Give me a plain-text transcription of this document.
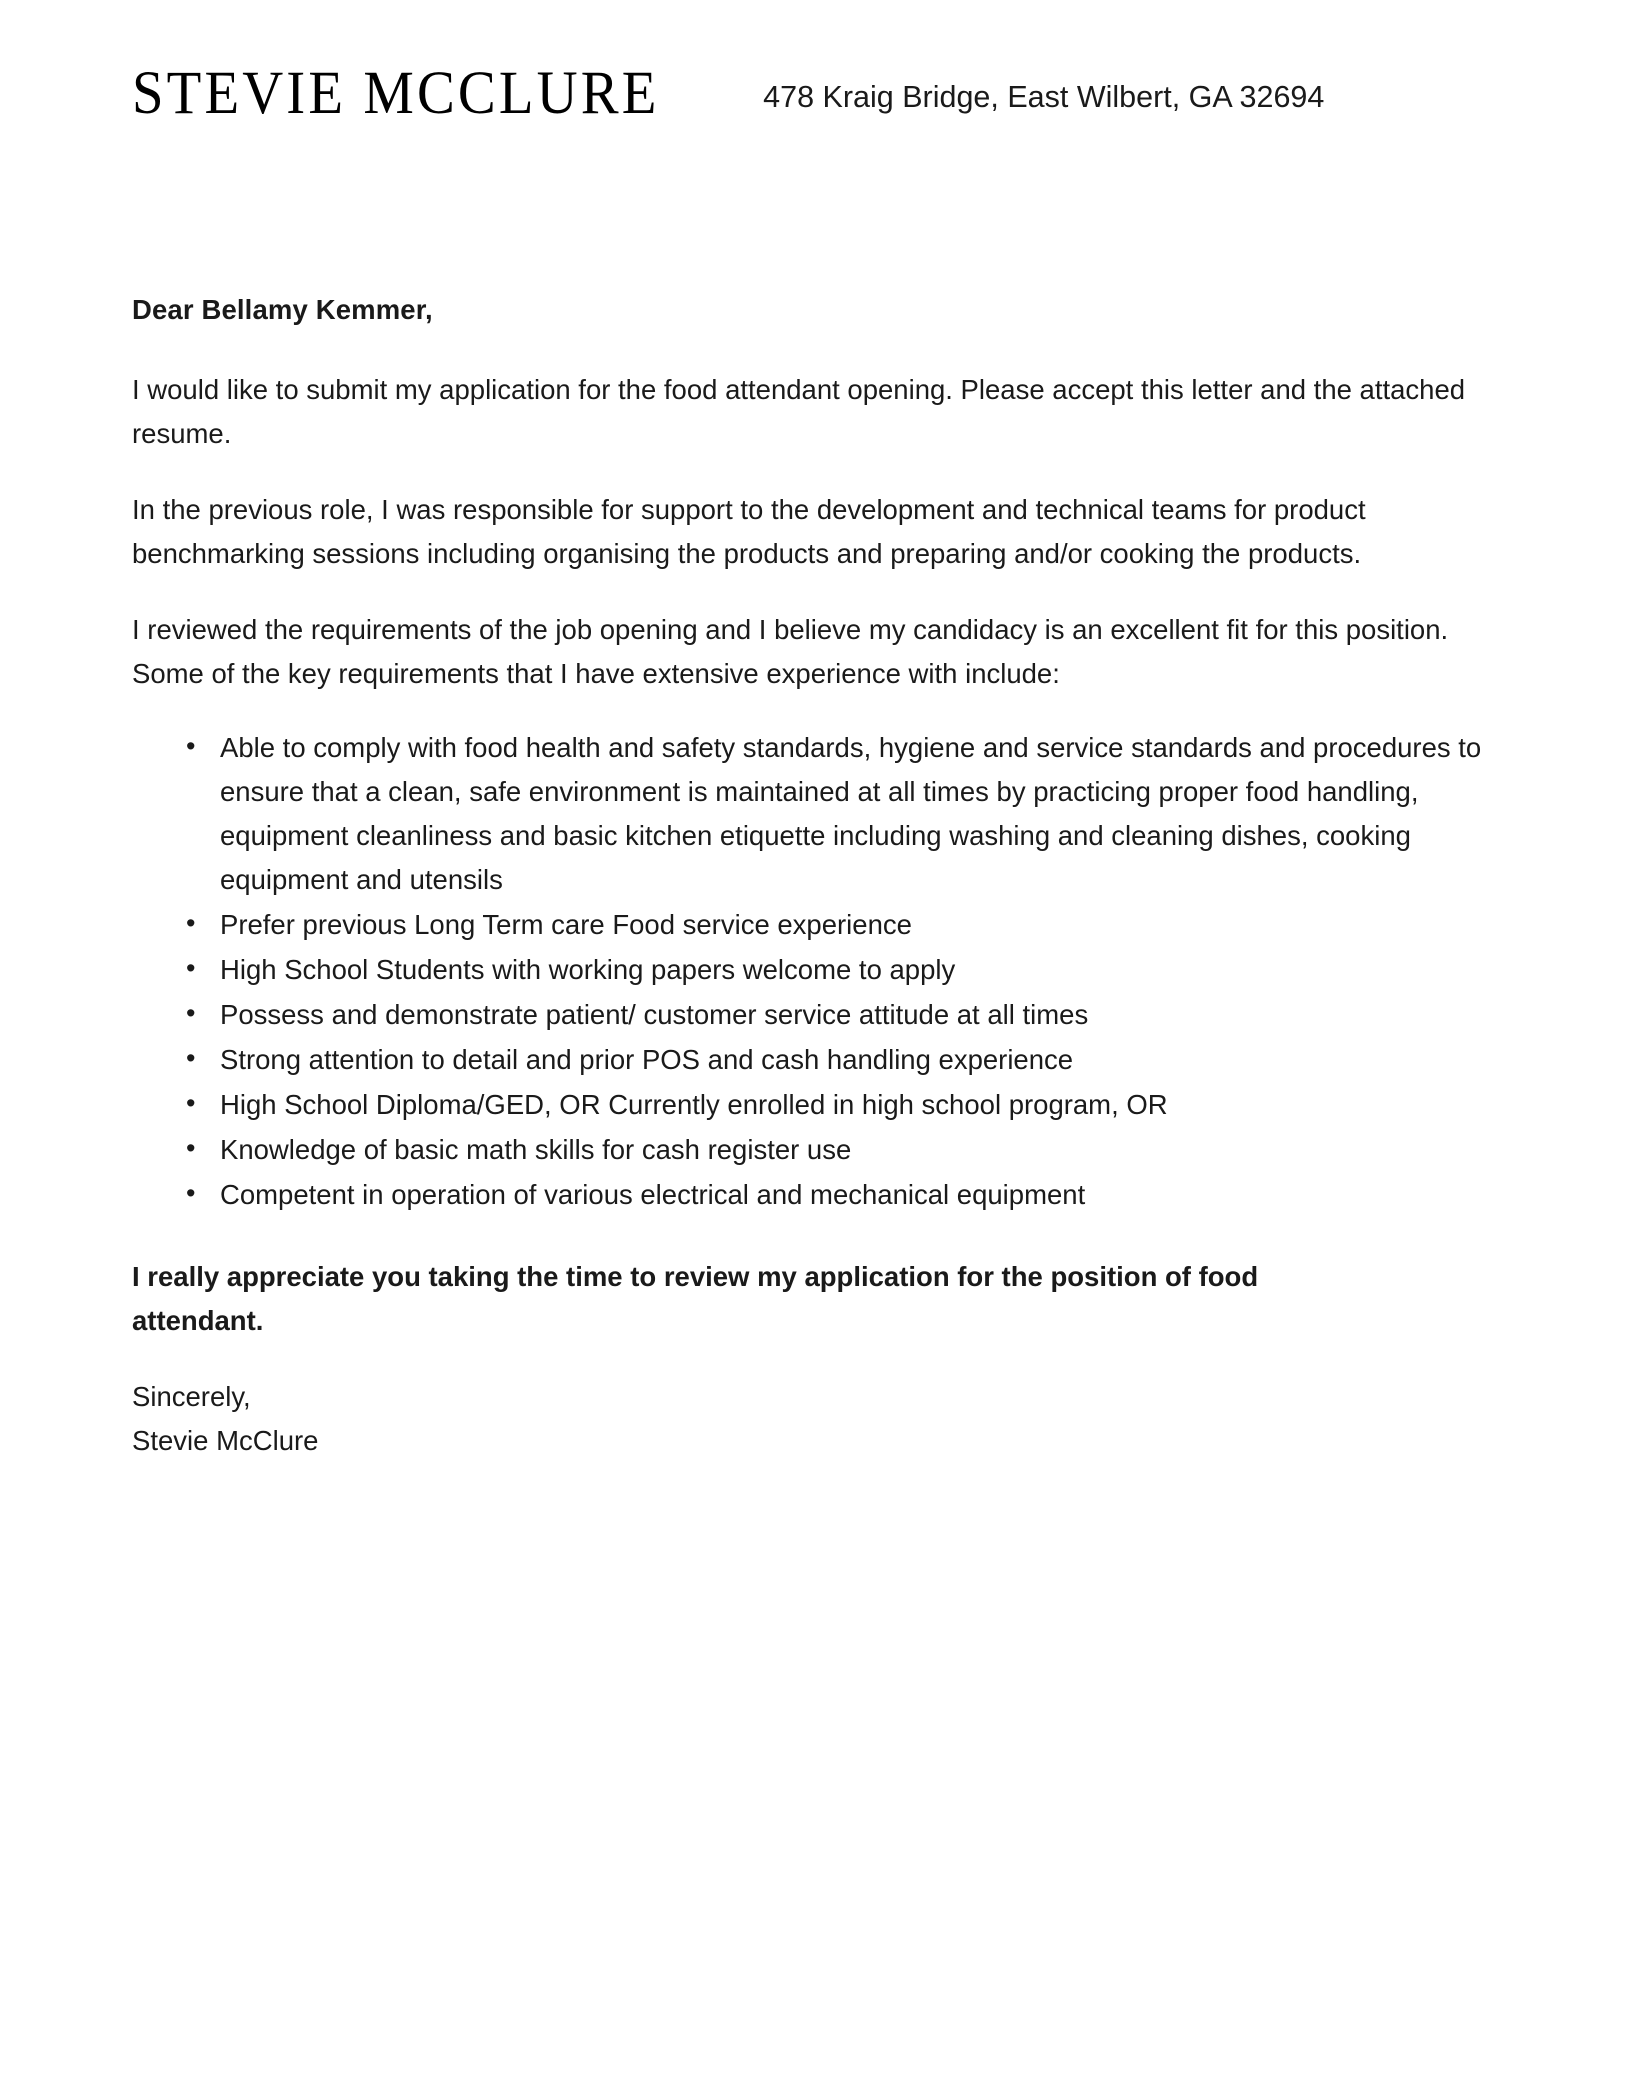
STEVIE MCCLURE	478 Kraig Bridge, East Wilbert, GA 32694

Dear Bellamy Kemmer,

I would like to submit my application for the food attendant opening. Please accept this letter and the attached resume.

In the previous role, I was responsible for support to the development and technical teams for product benchmarking sessions including organising the products and preparing and/or cooking the products.

I reviewed the requirements of the job opening and I believe my candidacy is an excellent fit for this position. Some of the key requirements that I have extensive experience with include:

• Able to comply with food health and safety standards, hygiene and service standards and procedures to ensure that a clean, safe environment is maintained at all times by practicing proper food handling, equipment cleanliness and basic kitchen etiquette including washing and cleaning dishes, cooking equipment and utensils
• Prefer previous Long Term care Food service experience
• High School Students with working papers welcome to apply
• Possess and demonstrate patient/ customer service attitude at all times
• Strong attention to detail and prior POS and cash handling experience
• High School Diploma/GED, OR Currently enrolled in high school program, OR
• Knowledge of basic math skills for cash register use
• Competent in operation of various electrical and mechanical equipment

I really appreciate you taking the time to review my application for the position of food attendant.

Sincerely,
Stevie McClure
